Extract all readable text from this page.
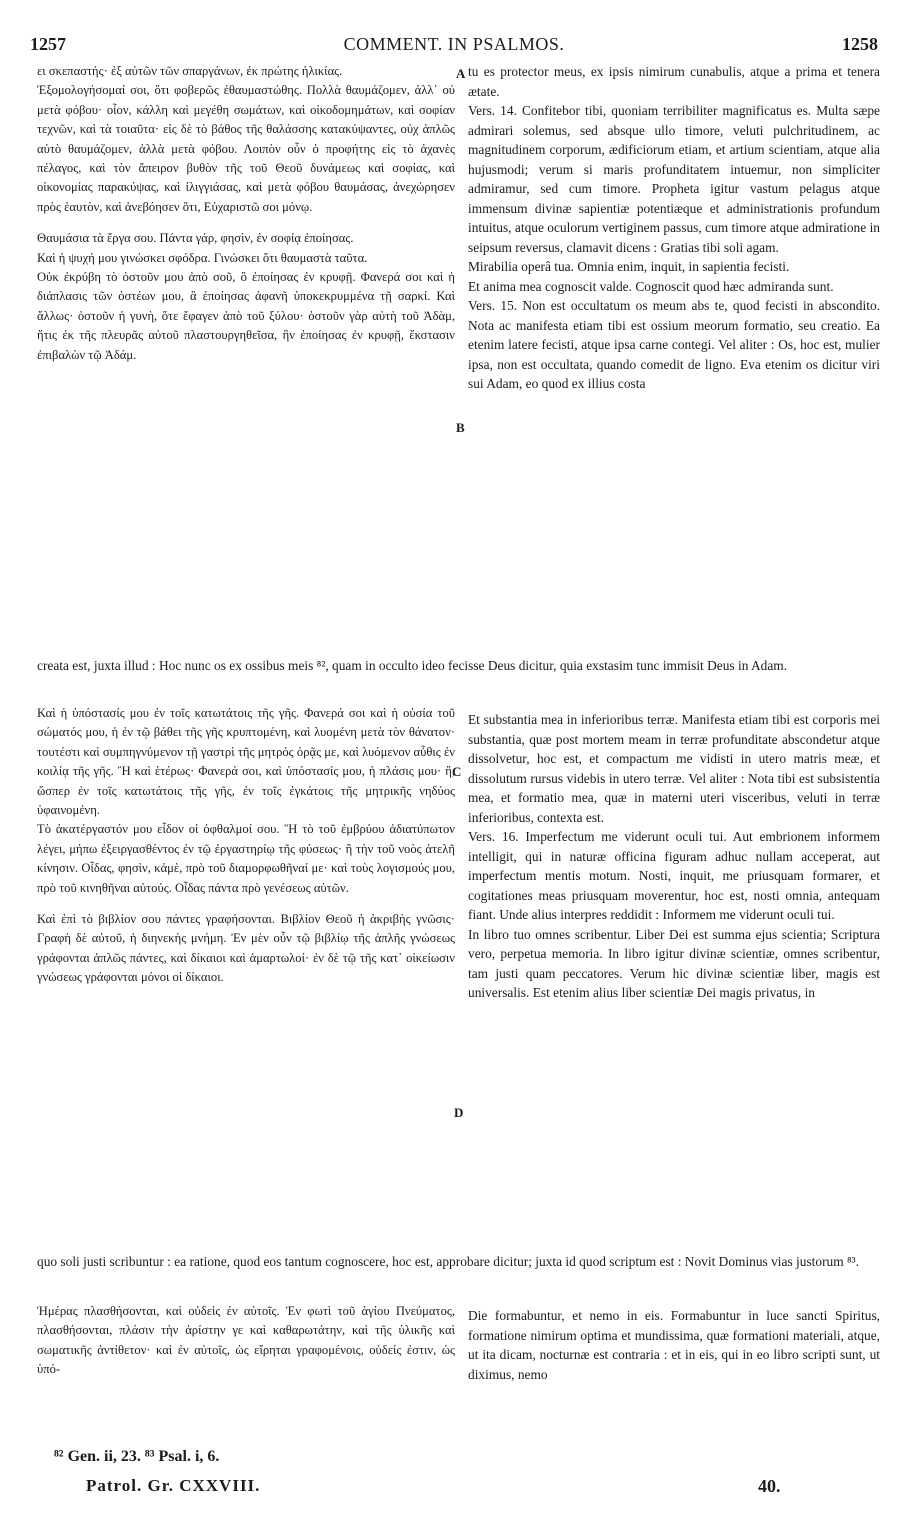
1257	COMMENT. IN PSALMOS.	1258
A
B
C
D

ει σκεπαστής· ἐξ αὐτῶν τῶν σπαργάνων, ἐκ πρώτης ἡλικίας.

Ἐξομολογήσομαί σοι, ὅτι φοβερῶς ἐθαυμαστώθης. Πολλὰ θαυμάζομεν, ἀλλ᾽ οὐ μετὰ φόβου· οἷον, κάλλη καὶ μεγέθη σωμάτων, καὶ οἰκοδομημάτων, καὶ σοφίαν τεχνῶν, καὶ τὰ τοιαῦτα· εἰς δὲ τὸ βάθος τῆς θαλάσσης κατακύψαντες, οὐχ ἁπλῶς αὐτὸ θαυμάζομεν, ἀλλὰ μετὰ φόβου. Λοιπὸν οὖν ὁ προφήτης εἰς τὸ ἀχανὲς πέλαγος, καὶ τὸν ἄπειρον βυθὸν τῆς τοῦ Θεοῦ δυνάμεως καὶ σοφίας, καὶ οἰκονομίας παρακύψας, καὶ ἰλιγγιάσας, καὶ μετὰ φόβου θαυμάσας, ἀνεχώρησεν πρὸς ἑαυτὸν, καὶ ἀνεβόησεν ὅτι, Εὐχαριστῶ σοι μόνῳ.

Θαυμάσια τὰ ἔργα σου. Πάντα γάρ, φησὶν, ἐν σοφίᾳ ἐποίησας.

Καὶ ἡ ψυχή μου γινώσκει σφόδρα. Γινώσκει ὅτι θαυμαστὰ ταῦτα.

Οὐκ ἐκρύβη τὸ ὀστοῦν μου ἀπὸ σοῦ, ὃ ἐποίησας ἐν κρυφῇ. Φανερά σοι καὶ ἡ διάπλασις τῶν ὀστέων μου, ἃ ἐποίησας ἀφανῆ ὑποκεκρυμμένα τῇ σαρκί. Καὶ ἄλλως· ὀστοῦν ἡ γυνὴ, ὅτε ἔφαγεν ἀπὸ τοῦ ξύλου· ὀστοῦν γὰρ αὐτὴ τοῦ Ἀδὰμ, ἥτις ἐκ τῆς πλευρᾶς αὐτοῦ πλαστουργηθεῖσα, ἣν ἐποίησας ἐν κρυφῇ, ἔκστασιν ἐπιβαλὼν τῷ Ἀδάμ.

tu es protector meus, ex ipsis nimirum cunabulis, atque a prima et tenera ætate.

Vers. 14. Confitebor tibi, quoniam terribiliter magnificatus es. Multa sæpe admirari solemus, sed absque ullo timore, veluti pulchritudinem, ac magnitudinem corporum, ædificiorum etiam, et artium scientiam, atque alia hujusmodi; verum si maris profunditatem intuemur, non simpliciter admiramur, sed cum timore. Propheta igitur vastum pelagus atque immensum divinæ sapientiæ potentiæque et administrationis profundum intuitus, atque oculorum vertiginem passus, cum timore atque admiratione in seipsum reversus, clamavit dicens : Gratias tibi soli agam.

Mirabilia operâ tua. Omnia enim, inquit, in sapientia fecisti.

Et anima mea cognoscit valde. Cognoscit quod hæc admiranda sunt.

Vers. 15. Non est occultatum os meum abs te, quod fecisti in abscondito. Nota ac manifesta etiam tibi est ossium meorum formatio, seu creatio. Ea etenim latere fecisti, atque ipsa carne contegi. Vel aliter : Os, hoc est, mulier ipsa, non est occultata, quando comedit de ligno. Eva etenim os dicitur viri sui Adam, eo quod ex illius costa

creata est, juxta illud : Hoc nunc os ex ossibus meis ⁸², quam in occulto ideo fecisse Deus dicitur, quia exstasim tunc immisit Deus in Adam.

Καὶ ἡ ὑπόστασίς μου ἐν τοῖς κατωτάτοις τῆς γῆς. Φανερά σοι καὶ ἡ οὐσία τοῦ σώματός μου, ἡ ἐν τῷ βάθει τῆς γῆς κρυπτομένη, καὶ λυομένη μετὰ τὸν θάνατον· τουτέστι καὶ συμπηγνύμενον τῇ γαστρὶ τῆς μητρός ὁρᾷς με, καὶ λυόμενον αὖθις ἐν κοιλίᾳ τῆς γῆς. Ἢ καὶ ἑτέρως· Φανερά σοι, καὶ ὑπόστασίς μου, ἡ πλάσις μου· ἢ, ὥσπερ ἐν τοῖς κατωτάτοις τῆς γῆς, ἐν τοῖς ἐγκάτοις τῆς μητρικῆς νηδύος ὑφαινομένη.

Τὸ ἀκατέργαστόν μου εἶδον οἱ ὀφθαλμοί σου. Ἢ τὸ τοῦ ἐμβρύου ἀδιατύπωτον λέγει, μήπω ἐξειργασθέντος ἐν τῷ ἐργαστηρίῳ τῆς φύσεως· ἢ τὴν τοῦ νοὸς ἀτελῆ κίνησιν. Οἶδας, φησὶν, κἀμὲ, πρὸ τοῦ διαμορφωθῆναί με· καὶ τοὺς λογισμούς μου, πρὸ τοῦ κινηθῆναι αὐτούς. Οἶδας πάντα πρὸ γενέσεως αὐτῶν.

Καὶ ἐπὶ τὸ βιβλίον σου πάντες γραφήσονται. Βιβλίον Θεοῦ ἡ ἀκριβὴς γνῶσις· Γραφὴ δὲ αὐτοῦ, ἡ διηνεκὴς μνήμη. Ἐν μὲν οὖν τῷ βιβλίῳ τῆς ἁπλῆς γνώσεως γράφονται ἁπλῶς πάντες, καὶ δίκαιοι καὶ ἁμαρτωλοί· ἐν δὲ τῷ τῆς κατ᾽ οἰκείωσιν γνώσεως γράφονται μόνοι οἱ δίκαιοι.

Et substantia mea in inferioribus terræ. Manifesta etiam tibi est corporis mei substantia, quæ post mortem meam in terræ profunditate abscondetur atque dissolvetur, hoc est, et compactum me vidisti in utero matris meæ, et dissolutum rursus videbis in utero terræ. Vel aliter : Nota tibi est subsistentia mea, et formatio mea, quæ in materni uteri visceribus, veluti in terræ inferioribus, contexta est.

Vers. 16. Imperfectum me viderunt oculi tui. Aut embrionem informem intelligit, qui in naturæ officina figuram adhuc nullam acceperat, aut imperfectum mentis motum. Nosti, inquit, me priusquam formarer, et cogitationes meas priusquam moverentur, hoc est, nosti omnia, antequam fiant. Unde alius interpres reddidit : Informem me viderunt oculi tui.

In libro tuo omnes scribentur. Liber Dei est summa ejus scientia; Scriptura vero, perpetua memoria. In libro igitur divinæ scientiæ, omnes scribentur, tam justi quam peccatores. Verum hic divinæ scientiæ liber, magis est universalis. Est etenim alius liber scientiæ Dei magis privatus, in

quo soli justi scribuntur : ea ratione, quod eos tantum cognoscere, hoc est, approbare dicitur; juxta id quod scriptum est : Novit Dominus vias justorum ⁸³.

Ἡμέρας πλασθήσονται, καὶ οὐδεὶς ἐν αὐτοῖς. Ἐν φωτὶ τοῦ ἁγίου Πνεύματος, πλασθήσονται, πλάσιν τὴν ἀρίστην γε καὶ καθαρωτάτην, καὶ τῆς ὑλικῆς καὶ σωματικῆς ἀντίθετον· καὶ ἐν αὐτοῖς, ὡς εἴρηται γραφομένοις, οὐδείς ἐστιν, ὡς ὑπό-

Die formabuntur, et nemo in eis. Formabuntur in luce sancti Spiritus, formatione nimirum optima et mundissima, quæ formationi materiali, atque, ut ita dicam, nocturnæ est contraria : et in eis, qui in eo libro scripti sunt, ut diximus, nemo

⁸² Gen. ii, 23. ⁸³ Psal. i, 6.
Patrol. Gr. CXXVIII.	40.
